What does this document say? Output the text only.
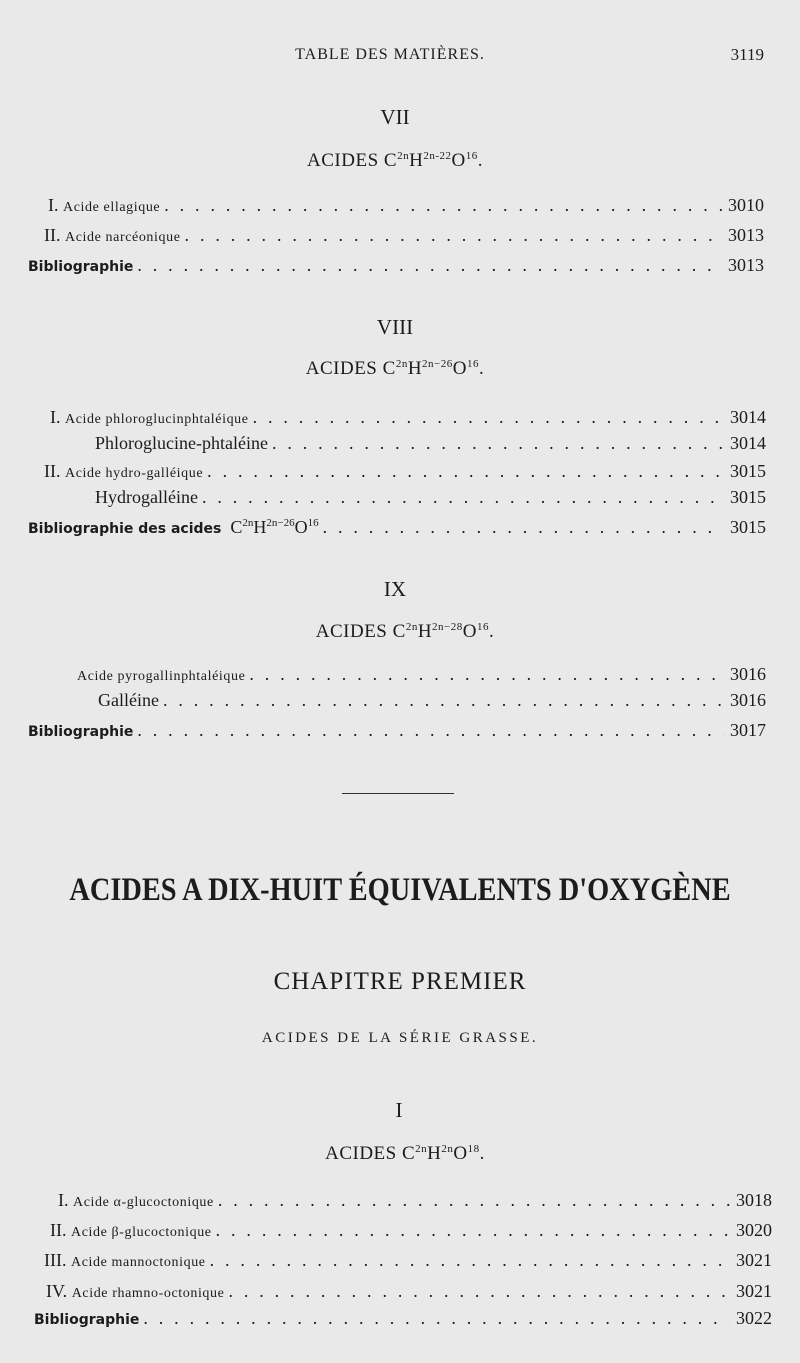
TABLE DES MATIÈRES.	3119
VII
ACIDES $C^{2n}H^{2n-22}O^{16}$.
I. Acide ellagique . . .	3010
II. Acide narcéonique . . .	3013
Bibliographie . . .	3013
VIII
ACIDES $C^{2n}H^{2n-26}O^{16}$.
I. Acide phloroglucinphtaléique . . .	3014
Phloroglucine-phtaléine . . .	3014
II. Acide hydro-galléique . . .	3015
Hydrogalléine . . .	3015
Bibliographie des acides $C^{2n}H^{2n-26}O^{16}$ . . .	3015
IX
ACIDES $C^{2n}H^{2n-28}O^{16}$.
Acide pyrogallinphtaléique . . .	3016
Galléine . . .	3016
Bibliographie . . .	3017
ACIDES A DIX-HUIT ÉQUIVALENTS D'OXYGÈNE
CHAPITRE PREMIER
ACIDES DE LA SÉRIE GRASSE.
I
ACIDES $C^{2n}H^{2n}O^{18}$.
I. Acide α-glucoctonique . . .	3018
II. Acide β-glucoctonique . . .	3020
III. Acide mannoctonique . . .	3021
IV. Acide rhamno-octonique . . .	3021
Bibliographie . . .	3022
